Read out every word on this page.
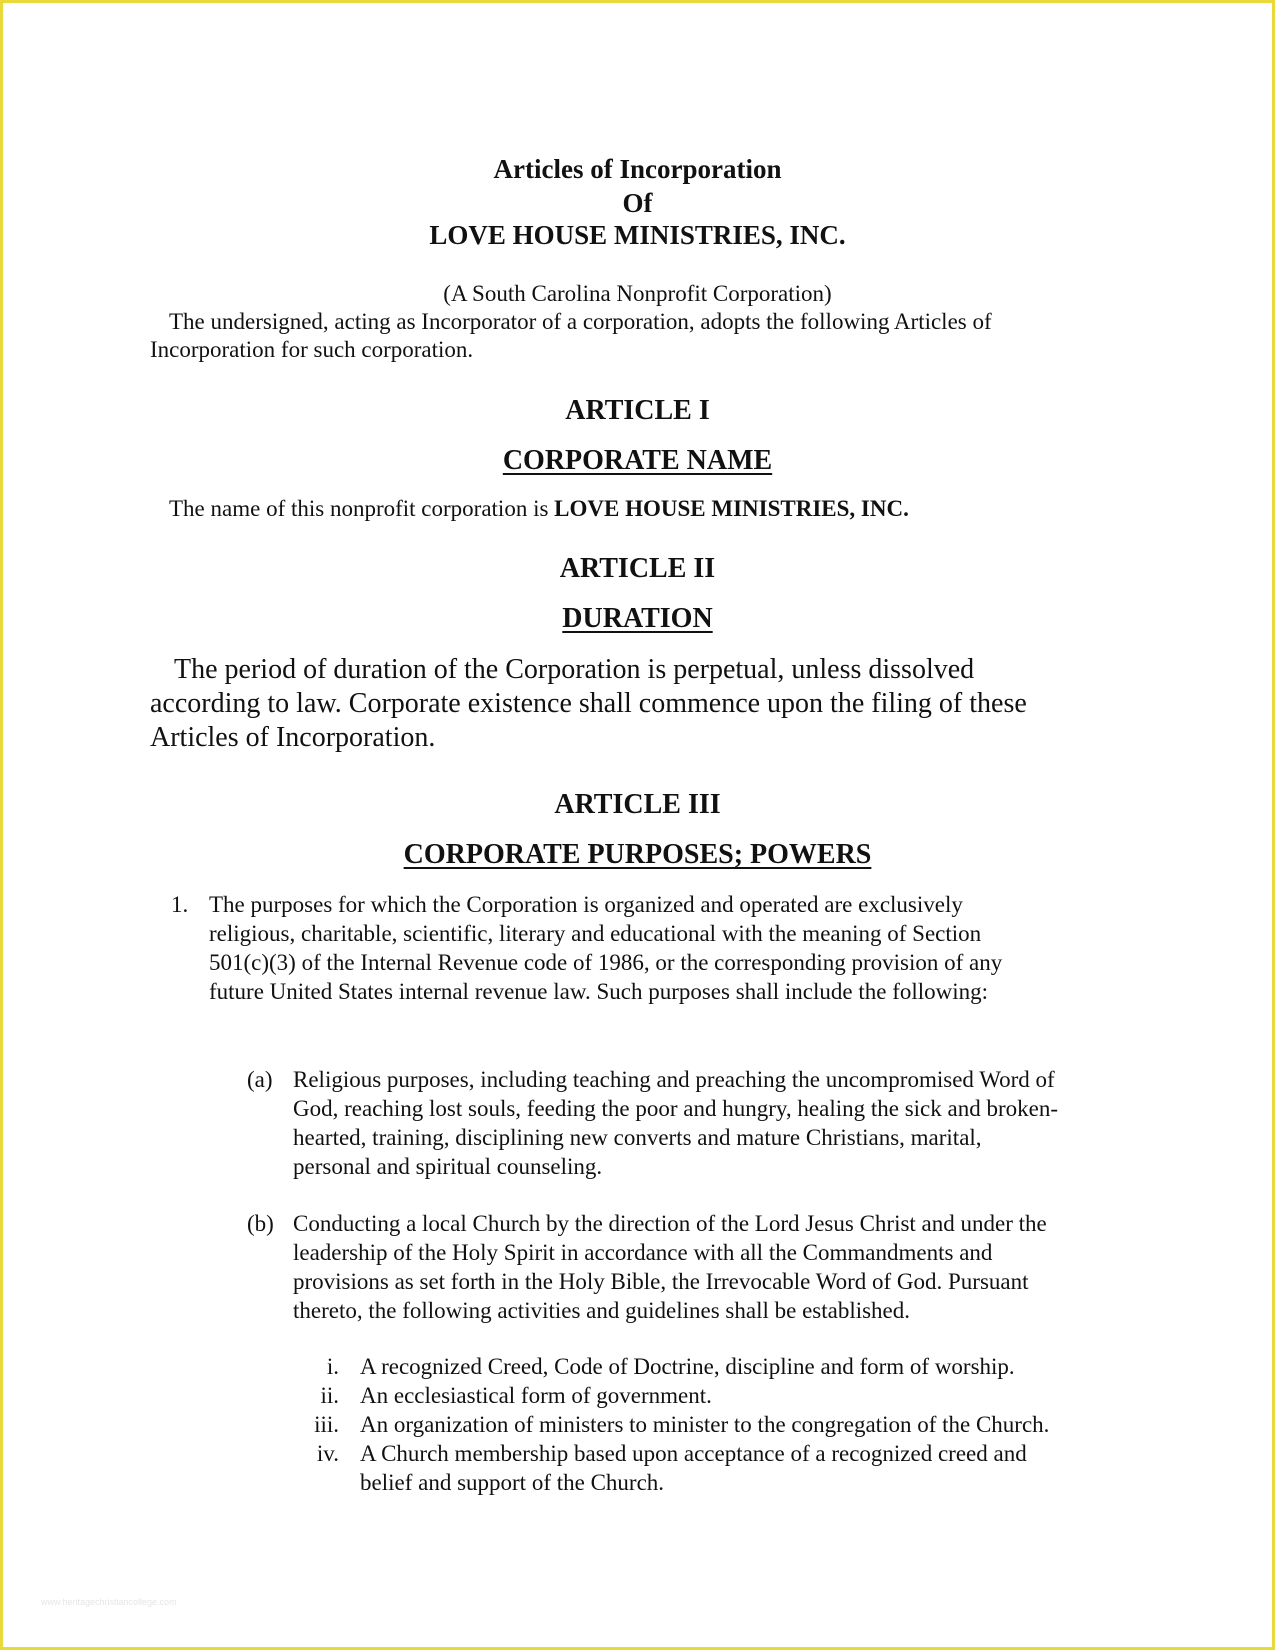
Articles of Incorporation

Of

LOVE HOUSE MINISTRIES, INC.

(A South Carolina Nonprofit Corporation)

The undersigned, acting as Incorporator of a corporation, adopts the following Articles of

Incorporation for such corporation.

ARTICLE I

CORPORATE NAME

The name of this nonprofit corporation is LOVE HOUSE MINISTRIES, INC.

ARTICLE II

DURATION

The period of duration of the Corporation is perpetual, unless dissolved

according to law. Corporate existence shall commence upon the filing of these

Articles of Incorporation.

ARTICLE III

CORPORATE PURPOSES; POWERS

1. The purposes for which the Corporation is organized and operated are exclusively

religious, charitable, scientific, literary and educational with the meaning of Section

501(c)(3) of the Internal Revenue code of 1986, or the corresponding provision of any

future United States internal revenue law. Such purposes shall include the following:

(a) Religious purposes, including teaching and preaching the uncompromised Word of

God, reaching lost souls, feeding the poor and hungry, healing the sick and broken-

hearted, training, disciplining new converts and mature Christians, marital,

personal and spiritual counseling.

(b) Conducting a local Church by the direction of the Lord Jesus Christ and under the

leadership of the Holy Spirit in accordance with all the Commandments and

provisions as set forth in the Holy Bible, the Irrevocable Word of God. Pursuant

thereto, the following activities and guidelines shall be established.

i. A recognized Creed, Code of Doctrine, discipline and form of worship.

ii. An ecclesiastical form of government.

iii. An organization of ministers to minister to the congregation of the Church.

iv. A Church membership based upon acceptance of a recognized creed and

belief and support of the Church.

www.heritagechristiancollege.com
